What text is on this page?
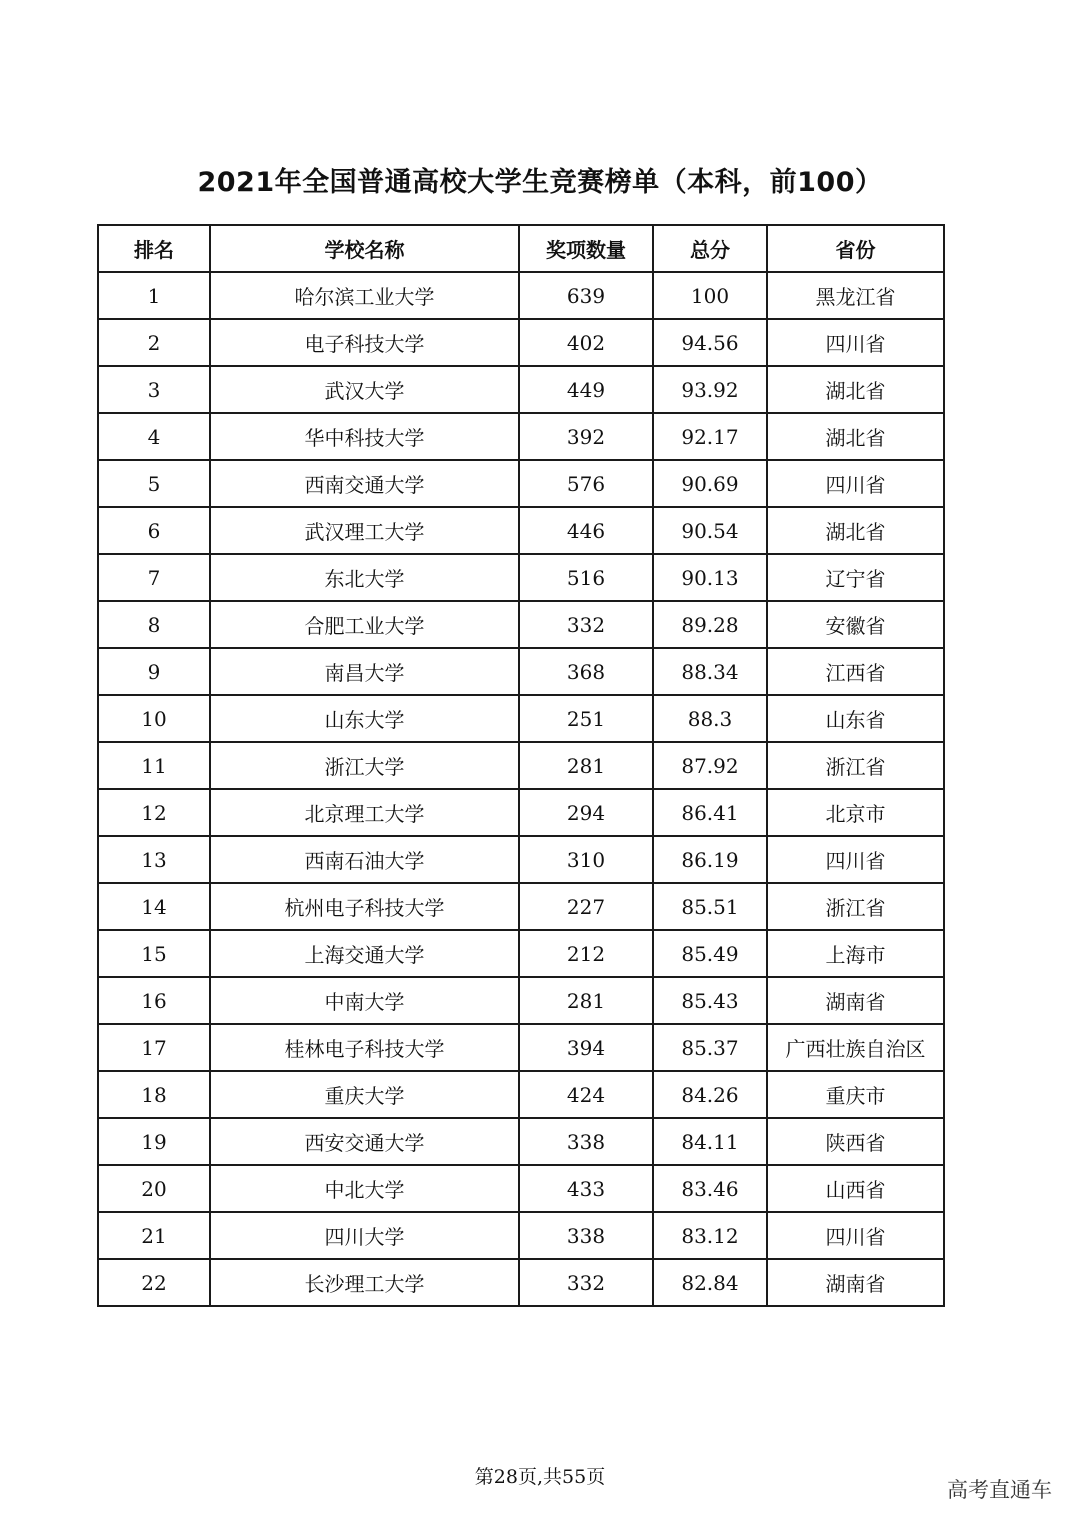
2021年全国普通高校大学生竞赛榜单（本科，前100）
排名	学校名称	奖项数量	总分	省份
1	哈尔滨工业大学	639	100	黑龙江省
2	电子科技大学	402	94.56	四川省
3	武汉大学	449	93.92	湖北省
4	华中科技大学	392	92.17	湖北省
5	西南交通大学	576	90.69	四川省
6	武汉理工大学	446	90.54	湖北省
7	东北大学	516	90.13	辽宁省
8	合肥工业大学	332	89.28	安徽省
9	南昌大学	368	88.34	江西省
10	山东大学	251	88.3	山东省
11	浙江大学	281	87.92	浙江省
12	北京理工大学	294	86.41	北京市
13	西南石油大学	310	86.19	四川省
14	杭州电子科技大学	227	85.51	浙江省
15	上海交通大学	212	85.49	上海市
16	中南大学	281	85.43	湖南省
17	桂林电子科技大学	394	85.37	广西壮族自治区
18	重庆大学	424	84.26	重庆市
19	西安交通大学	338	84.11	陕西省
20	中北大学	433	83.46	山西省
21	四川大学	338	83.12	四川省
22	长沙理工大学	332	82.84	湖南省
第28页,共55页
高考直通车
